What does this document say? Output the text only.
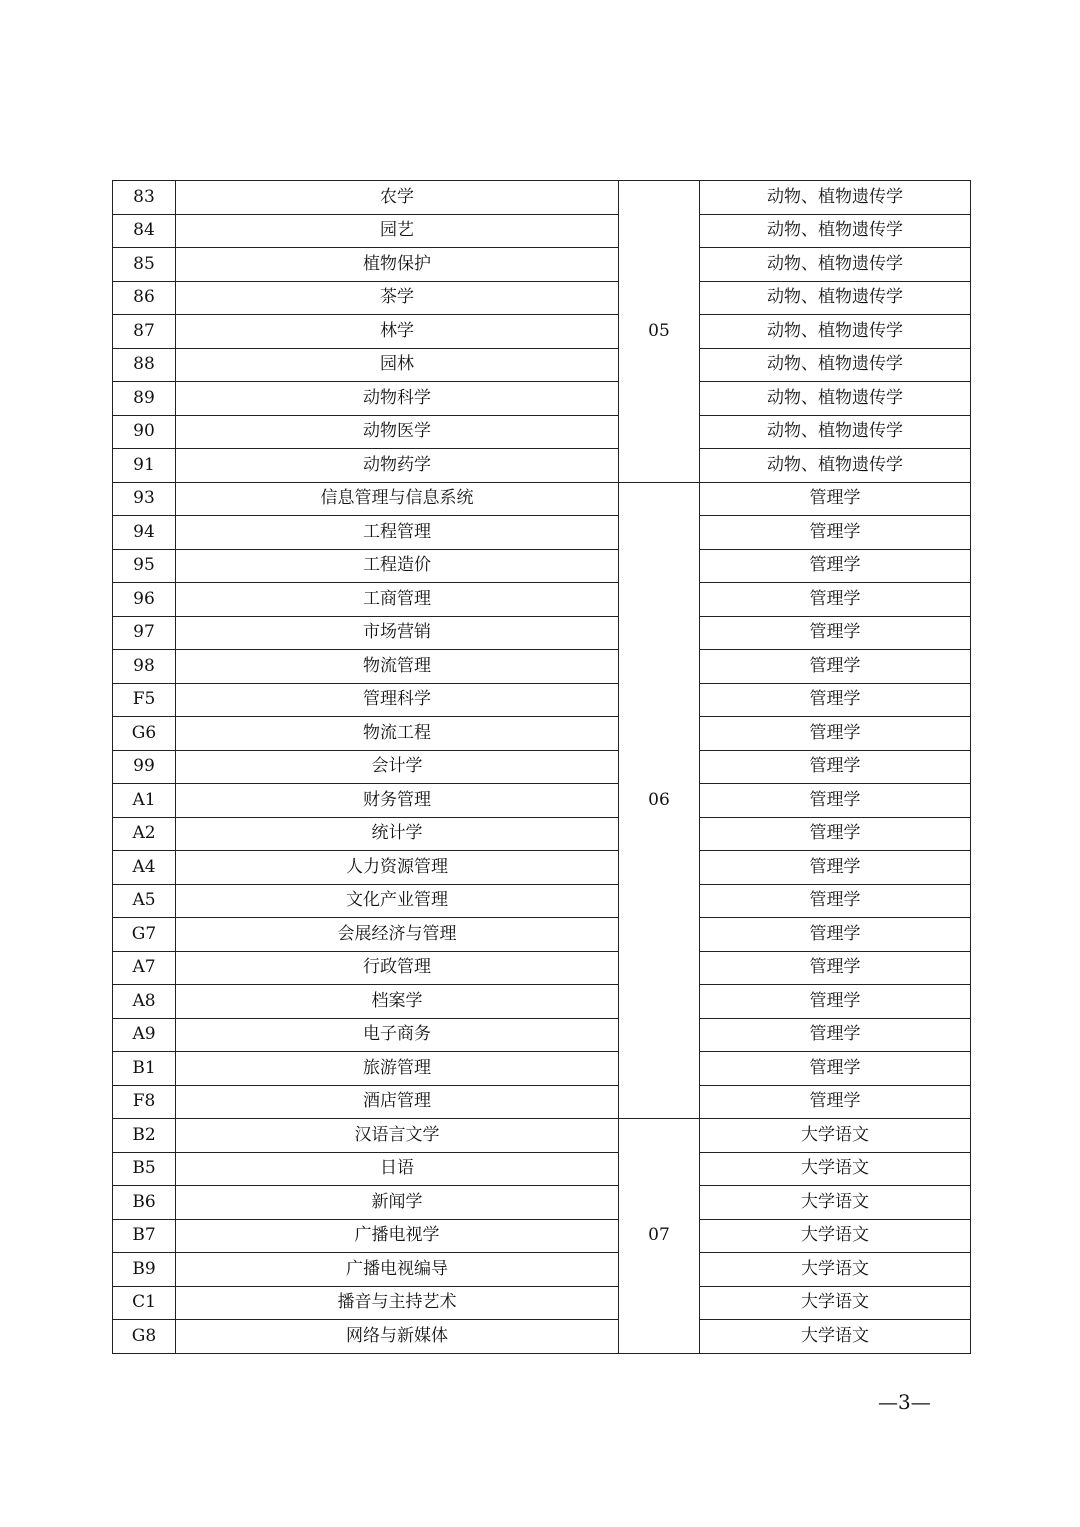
83	农学	05	动物、植物遗传学
84	园艺		动物、植物遗传学
85	植物保护		动物、植物遗传学
86	茶学		动物、植物遗传学
87	林学		动物、植物遗传学
88	园林		动物、植物遗传学
89	动物科学		动物、植物遗传学
90	动物医学		动物、植物遗传学
91	动物药学		动物、植物遗传学
93	信息管理与信息系统	06	管理学
94	工程管理		管理学
95	工程造价		管理学
96	工商管理		管理学
97	市场营销		管理学
98	物流管理		管理学
F5	管理科学		管理学
G6	物流工程		管理学
99	会计学		管理学
A1	财务管理		管理学
A2	统计学		管理学
A4	人力资源管理		管理学
A5	文化产业管理		管理学
G7	会展经济与管理		管理学
A7	行政管理		管理学
A8	档案学		管理学
A9	电子商务		管理学
B1	旅游管理		管理学
F8	酒店管理		管理学
B2	汉语言文学	07	大学语文
B5	日语		大学语文
B6	新闻学		大学语文
B7	广播电视学		大学语文
B9	广播电视编导		大学语文
C1	播音与主持艺术		大学语文
G8	网络与新媒体		大学语文
—3—
